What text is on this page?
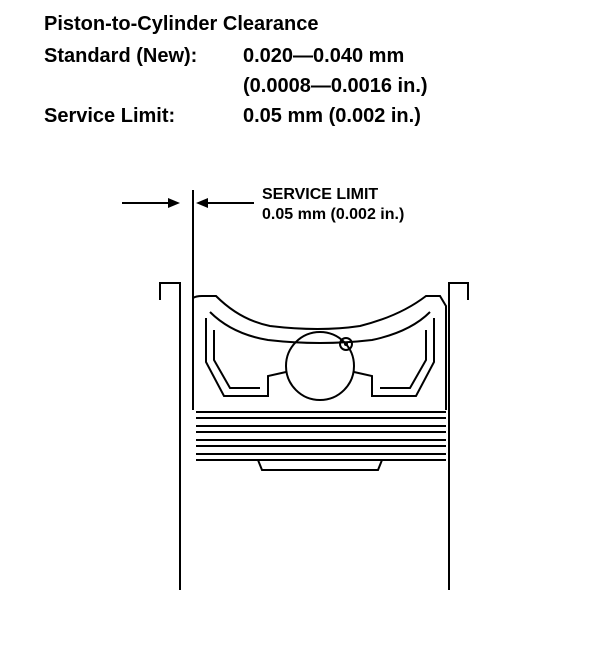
Piston-to-Cylinder Clearance
Standard (New): 0.020—0.040 mm
(0.0008—0.0016 in.)
Service Limit:	0.05 mm (0.002 in.)
SERVICE LIMIT
0.05 mm (0.002 in.)
